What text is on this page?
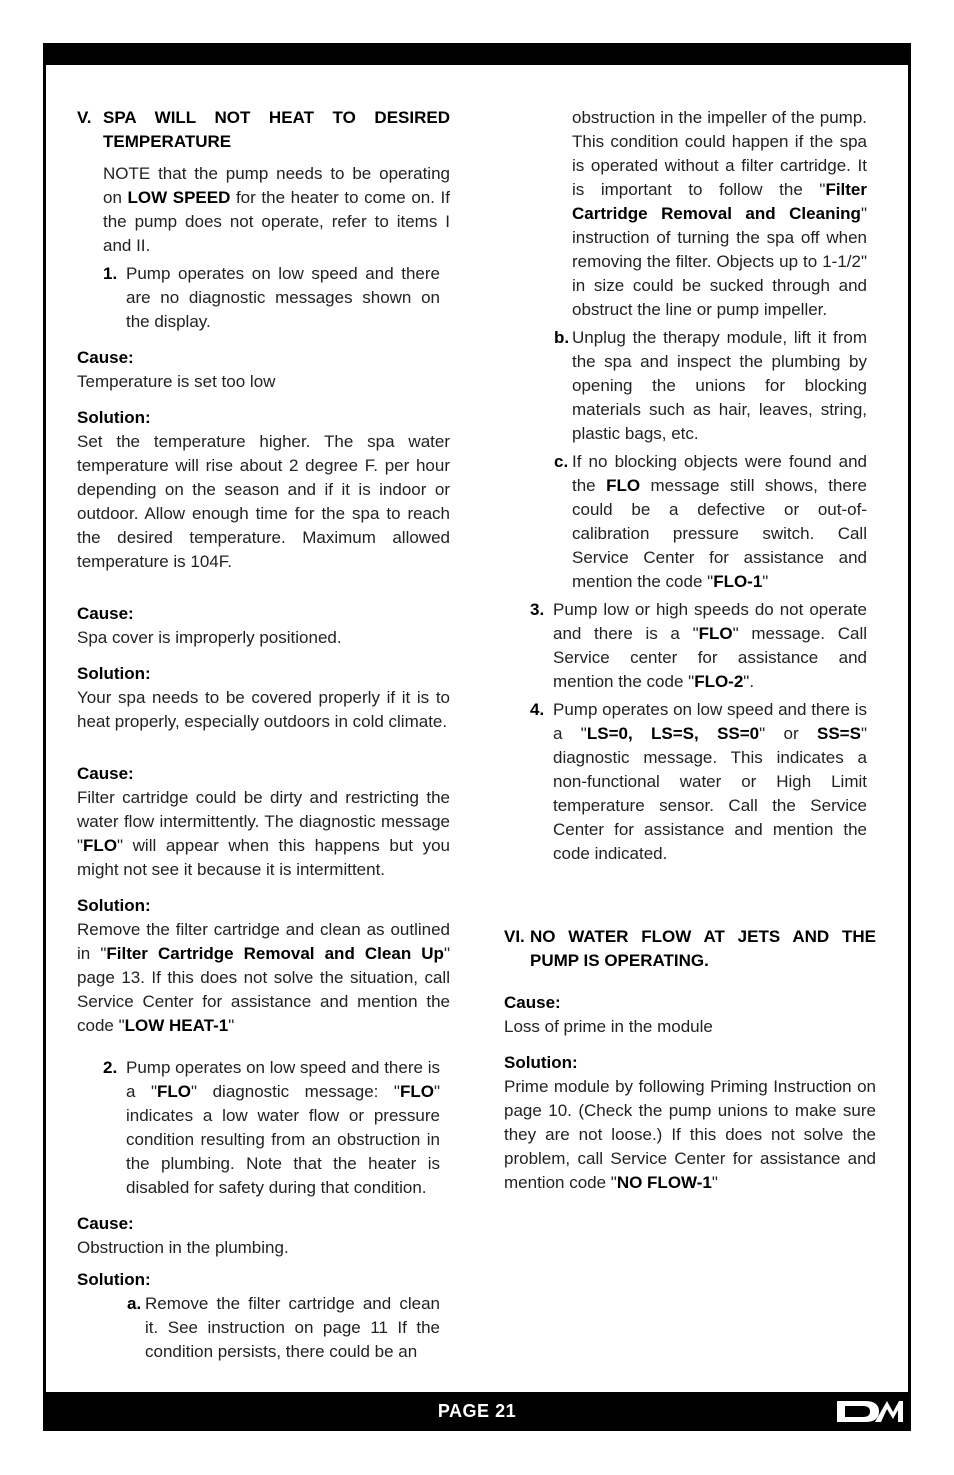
V. SPA WILL NOT HEAT TO DESIRED TEMPERATURE

NOTE that the pump needs to be operating on LOW SPEED for the heater to come on. If the pump does not operate, refer to items I and II.

1. Pump operates on low speed and there are no diagnostic messages shown on the display.
Cause:

Temperature is set too low

Solution:

Set the temperature higher. The spa water temperature will rise about 2 degree F. per hour depending on the season and if it is indoor or outdoor. Allow enough time for the spa to reach the desired temperature. Maximum allowed temperature is 104F.

Cause:

Spa cover is improperly positioned.

Solution:

Your spa needs to be covered properly if it is to heat properly, especially outdoors in cold climate.

Cause:

Filter cartridge could be dirty and restricting the water flow intermittently. The diagnostic message "FLO" will appear when this happens but you might not see it because it is intermittent.

Solution:

Remove the filter cartridge and clean as outlined in "Filter Cartridge Removal and Clean Up" page 13. If this does not solve the situation, call Service Center for assistance and mention the code "LOW HEAT-1"

2. Pump operates on low speed and there is a "FLO" diagnostic message: "FLO" indicates a low water flow or pressure condition resulting from an obstruction in the plumbing. Note that the heater is disabled for safety during that condition.
Cause:

Obstruction in the plumbing.

Solution:
a. Remove the filter cartridge and clean it. See instruction on page 11 If the condition persists, there could be an

obstruction in the impeller of the pump. This condition could happen if the spa is operated without a filter cartridge. It is important to follow the "Filter Cartridge Removal and Cleaning" instruction of turning the spa off when removing the filter. Objects up to 1-1/2" in size could be sucked through and obstruct the line or pump impeller.

b. Unplug the therapy module, lift it from the spa and inspect the plumbing by opening the unions for blocking materials such as hair, leaves, string, plastic bags, etc.
c. If no blocking objects were found and the FLO message still shows, there could be a defective or out-of-calibration pressure switch. Call Service Center for assistance and mention the code "FLO-1"
3. Pump low or high speeds do not operate and there is a "FLO" message. Call Service center for assistance and mention the code "FLO-2".
4. Pump operates on low speed and there is a "LS=0, LS=S, SS=0" or SS=S" diagnostic message. This indicates a non-functional water or High Limit temperature sensor. Call the Service Center for assistance and mention the code indicated.
VI. NO WATER FLOW AT JETS AND THE PUMP IS OPERATING.
Cause:

Loss of prime in the module

Solution:

Prime module by following Priming Instruction on page 10. (Check the pump unions to make sure they are not loose.) If this does not solve the problem, call Service Center for assistance and mention code "NO FLOW-1"

PAGE 21
